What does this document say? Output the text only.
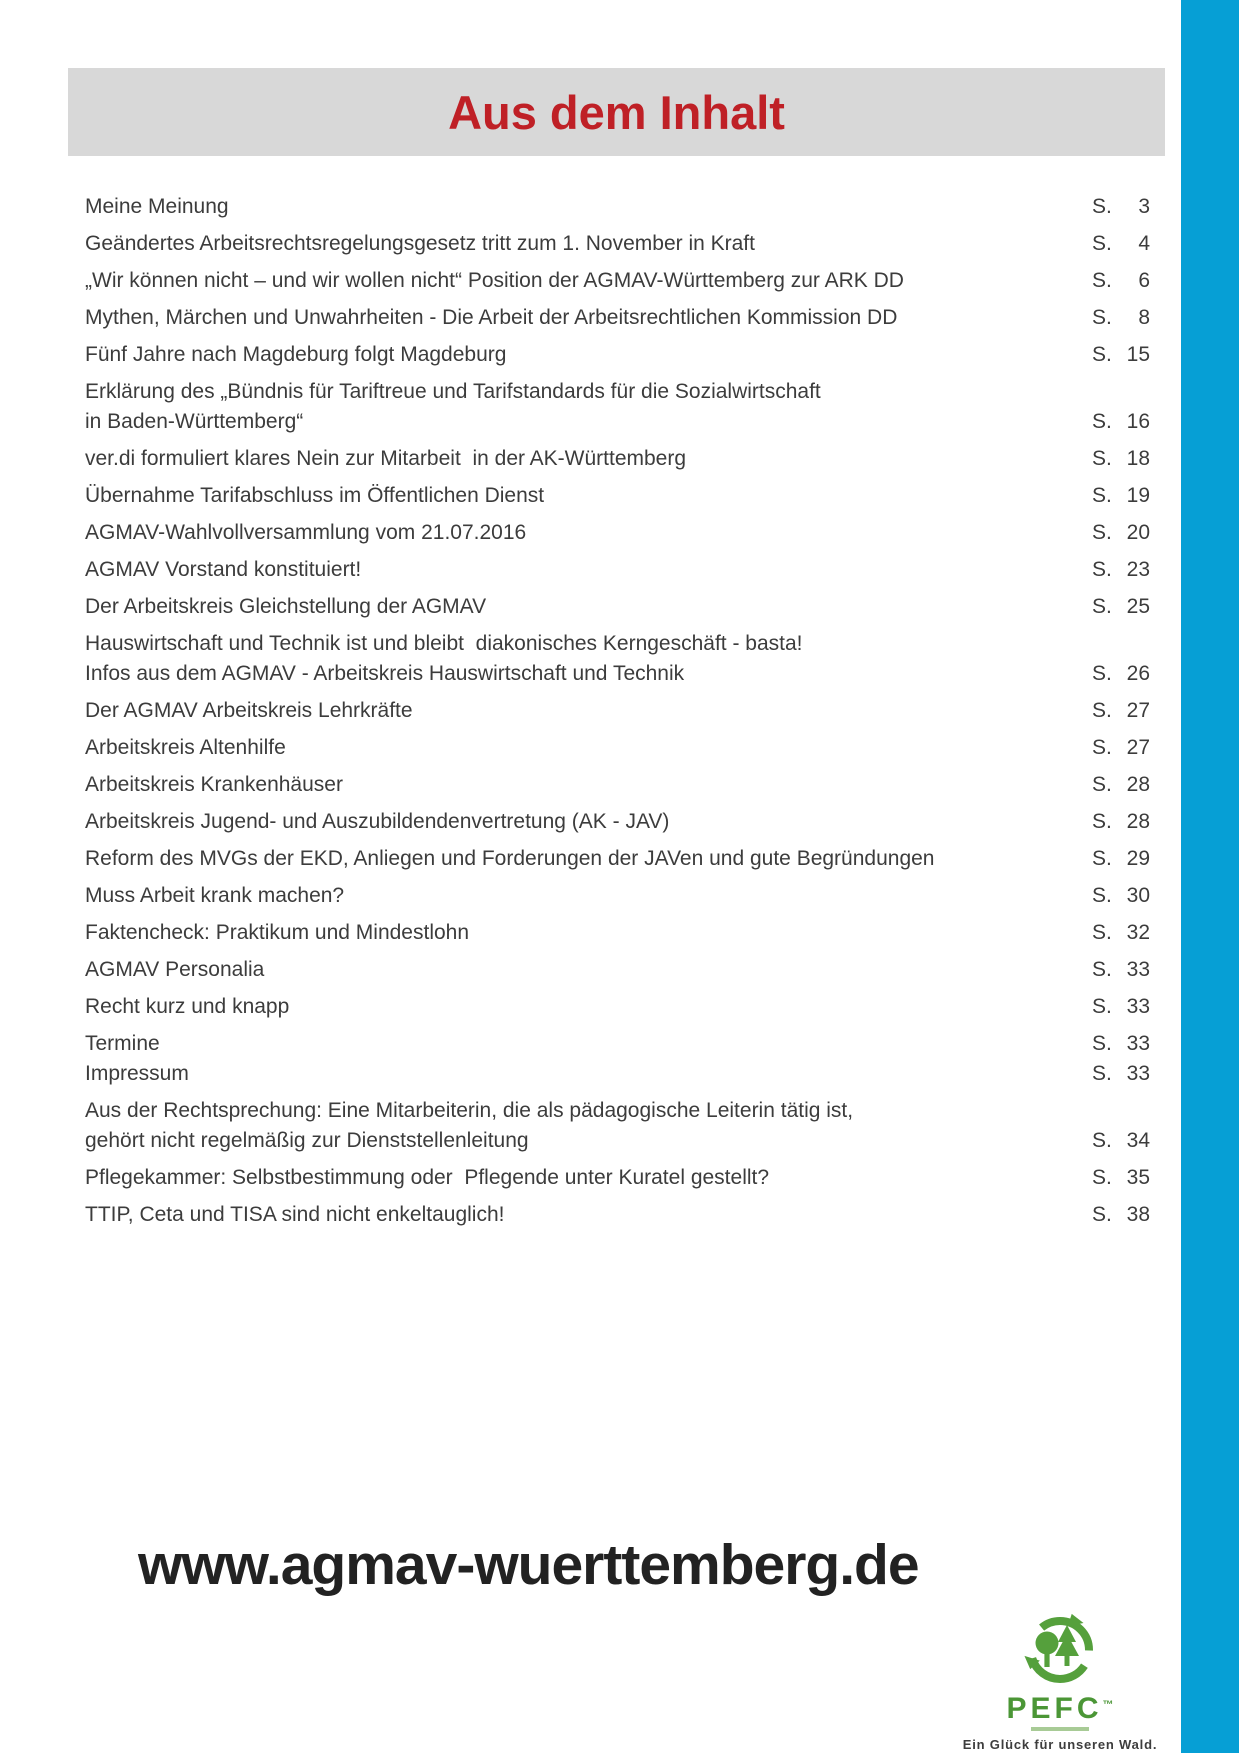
Aus dem Inhalt
Meine Meinung	S. 3
Geändertes Arbeitsrechtsregelungsgesetz tritt zum 1. November in Kraft	S. 4
„Wir können nicht – und wir wollen nicht“ Position der AGMAV-Württemberg zur ARK DD	S. 6
Mythen, Märchen und Unwahrheiten - Die Arbeit der Arbeitsrechtlichen Kommission DD	S. 8
Fünf Jahre nach Magdeburg folgt Magdeburg	S. 15
Erklärung des „Bündnis für Tariftreue und Tarifstandards für die Sozialwirtschaft
in Baden-Württemberg“	S. 16
ver.di formuliert klares Nein zur Mitarbeit  in der AK-Württemberg	S. 18
Übernahme Tarifabschluss im Öffentlichen Dienst	S. 19
AGMAV-Wahlvollversammlung vom 21.07.2016	S. 20
AGMAV Vorstand konstituiert!	S. 23
Der Arbeitskreis Gleichstellung der AGMAV	S. 25
Hauswirtschaft und Technik ist und bleibt  diakonisches Kerngeschäft - basta!
Infos aus dem AGMAV - Arbeitskreis Hauswirtschaft und Technik	S. 26
Der AGMAV Arbeitskreis Lehrkräfte	S. 27
Arbeitskreis Altenhilfe	S. 27
Arbeitskreis Krankenhäuser	S. 28
Arbeitskreis Jugend- und Auszubildendenvertretung (AK - JAV)	S. 28
Reform des MVGs der EKD, Anliegen und Forderungen der JAVen und gute Begründungen	S. 29
Muss Arbeit krank machen?	S. 30
Faktencheck: Praktikum und Mindestlohn	S. 32
AGMAV Personalia	S. 33
Recht kurz und knapp	S. 33
Termine	S. 33
Impressum	S. 33
Aus der Rechtsprechung: Eine Mitarbeiterin, die als pädagogische Leiterin tätig ist,
gehört nicht regelmäßig zur Dienststellenleitung	S. 34
Pflegekammer: Selbstbestimmung oder  Pflegende unter Kuratel gestellt?	S. 35
TTIP, Ceta und TISA sind nicht enkeltauglich!	S. 38
www.agmav-wuerttemberg.de
PEFC™
Ein Glück für unseren Wald.
